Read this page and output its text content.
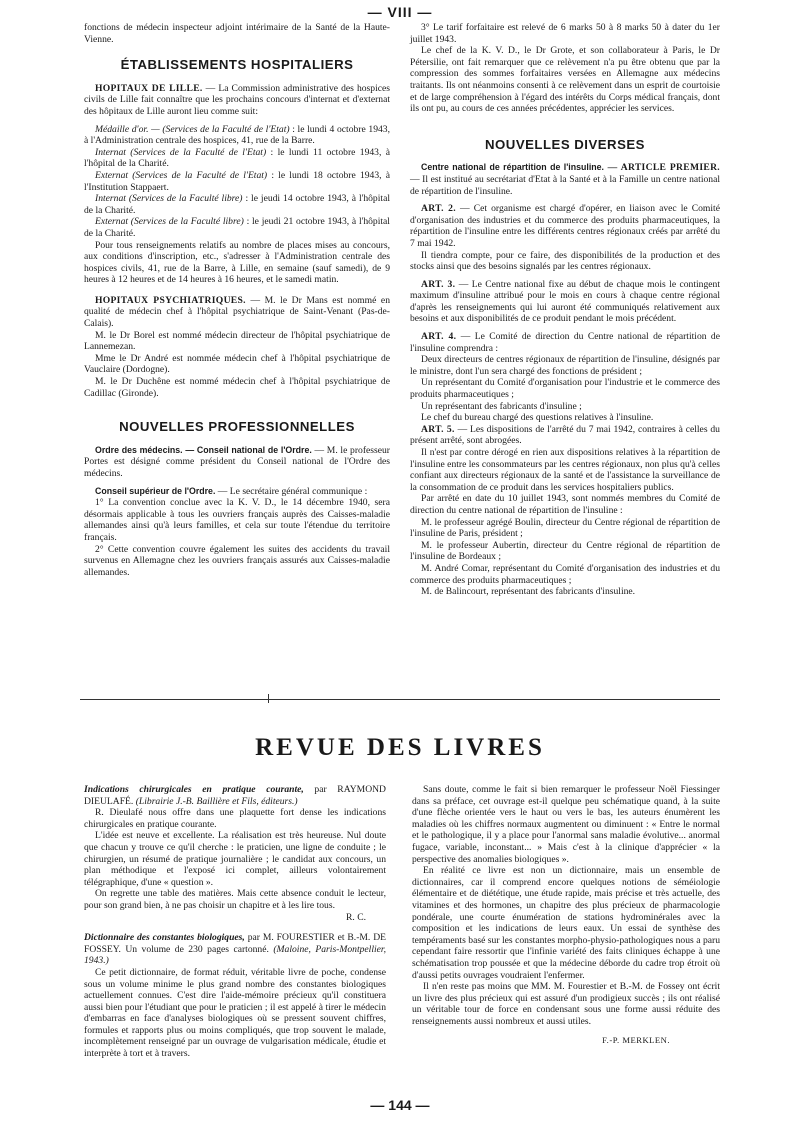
— VIII —

fonctions de médecin inspecteur adjoint intérimaire de la Santé de la Haute-Vienne.

ÉTABLISSEMENTS HOSPITALIERS

HOPITAUX DE LILLE. — La Commission administrative des hospices civils de Lille fait connaître que les prochains concours d'internat et d'externat des hôpitaux de Lille auront lieu comme suit:

Médaille d'or. — (Services de la Faculté de l'Etat) : le lundi 4 octobre 1943, à l'Administration centrale des hospices, 41, rue de la Barre.

Internat (Services de la Faculté de l'Etat) : le lundi 11 octobre 1943, à l'hôpital de la Charité.

Externat (Services de la Faculté de l'Etat) : le lundi 18 octobre 1943, à l'Institution Stappaert.

Internat (Services de la Faculté libre) : le jeudi 14 octobre 1943, à l'hôpital de la Charité.

Externat (Services de la Faculté libre) : le jeudi 21 octobre 1943, à l'hôpital de la Charité.

Pour tous renseignements relatifs au nombre de places mises au concours, aux conditions d'inscription, etc., s'adresser à l'Administration centrale des hospices civils, 41, rue de la Barre, à Lille, en semaine (sauf samedi), de 9 heures à 12 heures et de 14 heures à 16 heures, et le samedi matin.

HOPITAUX PSYCHIATRIQUES. — M. le Dr Mans est nommé en qualité de médecin chef à l'hôpital psychiatrique de Saint-Venant (Pas-de-Calais).

M. le Dr Borel est nommé médecin directeur de l'hôpital psychiatrique de Lannemezan.

Mme le Dr André est nommée médecin chef à l'hôpital psychiatrique de Vauclaire (Dordogne).

M. le Dr Duchêne est nommé médecin chef à l'hôpital psychiatrique de Cadillac (Gironde).

NOUVELLES PROFESSIONNELLES

Ordre des médecins. — Conseil national de l'Ordre. — M. le professeur Portes est désigné comme président du Conseil national de l'Ordre des médecins.

Conseil supérieur de l'Ordre. — Le secrétaire général communique :

1° La convention conclue avec la K. V. D., le 14 décembre 1940, sera désormais applicable à tous les ouvriers français auprès des Caisses-maladie allemandes ainsi qu'à leurs familles, et cela sur toute l'étendue du territoire français.

2° Cette convention couvre également les suites des accidents du travail survenus en Allemagne chez les ouvriers français assurés aux Caisses-maladie allemandes.

3° Le tarif forfaitaire est relevé de 6 marks 50 à 8 marks 50 à dater du 1er juillet 1943.

Le chef de la K. V. D., le Dr Grote, et son collaborateur à Paris, le Dr Pétersilie, ont fait remarquer que ce relèvement n'a pu être obtenu que par la compression des sommes forfaitaires versées en Allemagne aux médecins traitants. Ils ont néanmoins consenti à ce relèvement dans un esprit de courtoisie et de large compréhension à l'égard des intérêts du Corps médical français, dont ils ont pu, au cours de ces années précédentes, apprécier les services.

NOUVELLES DIVERSES

Centre national de répartition de l'insuline. — ARTICLE PREMIER. — Il est institué au secrétariat d'Etat à la Santé et à la Famille un centre national de répartition de l'insuline.

ART. 2. — Cet organisme est chargé d'opérer, en liaison avec le Comité d'organisation des industries et du commerce des produits pharmaceutiques, la répartition de l'insuline entre les différents centres régionaux créés par arrêté du 7 mai 1942.

Il tiendra compte, pour ce faire, des disponibilités de la production et des stocks ainsi que des besoins signalés par les centres régionaux.

ART. 3. — Le Centre national fixe au début de chaque mois le contingent maximum d'insuline attribué pour le mois en cours à chaque centre régional d'après les renseignements qui lui auront été communiqués relativement aux besoins et aux disponibilités de ce produit pendant le mois précédent.

ART. 4. — Le Comité de direction du Centre national de répartition de l'insuline comprendra :

Deux directeurs de centres régionaux de répartition de l'insuline, désignés par le ministre, dont l'un sera chargé des fonctions de président ;

Un représentant du Comité d'organisation pour l'industrie et le commerce des produits pharmaceutiques ;

Un représentant des fabricants d'insuline ;

Le chef du bureau chargé des questions relatives à l'insuline.

ART. 5. — Les dispositions de l'arrêté du 7 mai 1942, contraires à celles du présent arrêté, sont abrogées.

Il n'est par contre dérogé en rien aux dispositions relatives à la répartition de l'insuline entre les consommateurs par les centres régionaux, non plus qu'à celles confiant aux directeurs régionaux de la santé et de l'assistance la surveillance de la consommation de ce produit dans les services hospitaliers publics.

Par arrêté en date du 10 juillet 1943, sont nommés membres du Comité de direction du centre national de répartition de l'insuline :

M. le professeur agrégé Boulin, directeur du Centre régional de répartition de l'insuline de Paris, président ;

M. le professeur Aubertin, directeur du Centre régional de répartition de l'insuline de Bordeaux ;

M. André Comar, représentant du Comité d'organisation des industries et du commerce des produits pharmaceutiques ;

M. de Balincourt, représentant des fabricants d'insuline.

REVUE DES LIVRES

Indications chirurgicales en pratique courante, par RAYMOND DIEULAFÉ. (Librairie J.-B. Baillière et Fils, éditeurs.)

R. Dieulafé nous offre dans une plaquette fort dense les indications chirurgicales en pratique courante.

L'idée est neuve et excellente. La réalisation est très heureuse. Nul doute que chacun y trouve ce qu'il cherche : le praticien, une ligne de conduite ; le chirurgien, un résumé de pratique journalière ; le candidat aux concours, un plan méthodique et l'exposé ici complet, ailleurs volontairement télégraphique, d'une « question ».

On regrette une table des matières. Mais cette absence conduit le lecteur, pour son grand bien, à ne pas choisir un chapitre et à les lire tous.

R. C.

Dictionnaire des constantes biologiques, par M. FOURESTIER et B.-M. DE FOSSEY. Un volume de 230 pages cartonné. (Maloine, Paris-Montpellier, 1943.)

Ce petit dictionnaire, de format réduit, véritable livre de poche, condense sous un volume minime le plus grand nombre des constantes biologiques actuellement connues. C'est dire l'aide-mémoire précieux qu'il constituera aussi bien pour l'étudiant que pour le praticien ; il est appelé à tirer le médecin d'embarras en face d'analyses biologiques où se pressent souvent chiffres, formules et rapports plus ou moins compliqués, que trop souvent le malade, incomplètement renseigné par un ouvrage de vulgarisation médicale, étudie et interprète à tort et à travers.

Sans doute, comme le fait si bien remarquer le professeur Noël Fiessinger dans sa préface, cet ouvrage est-il quelque peu schématique quand, à la suite d'une flèche orientée vers le haut ou vers le bas, les auteurs énumèrent les maladies où les chiffres normaux augmentent ou diminuent : « Entre le normal et le pathologique, il y a place pour l'anormal sans maladie évolutive... anormal fugace, variable, inconstant... » Mais c'est à la clinique d'apprécier « la perspective des anomalies biologiques ».

En réalité ce livre est non un dictionnaire, mais un ensemble de dictionnaires, car il comprend encore quelques notions de séméiologie élémentaire et de diététique, une étude rapide, mais précise et très actuelle, des vitamines et des hormones, un chapitre des plus précieux de pharmacologie pondérale, une courte énumération de stations hydrominérales avec la composition et les indications de leurs eaux. Un essai de synthèse des tempéraments basé sur les constantes morpho-physio-pathologiques nous a paru cependant faire ressortir que l'infinie variété des faits cliniques échappe à une schématisation trop poussée et que la médecine déborde du cadre trop étroit où d'aussi petits ouvrages voudraient l'enfermer.

Il n'en reste pas moins que MM. M. Fourestier et B.-M. de Fossey ont écrit un livre des plus précieux qui est assuré d'un prodigieux succès ; ils ont réalisé un véritable tour de force en condensant sous une forme aussi réduite des renseignements aussi nombreux et aussi utiles.

F.-P. MERKLEN.
— 144 —
